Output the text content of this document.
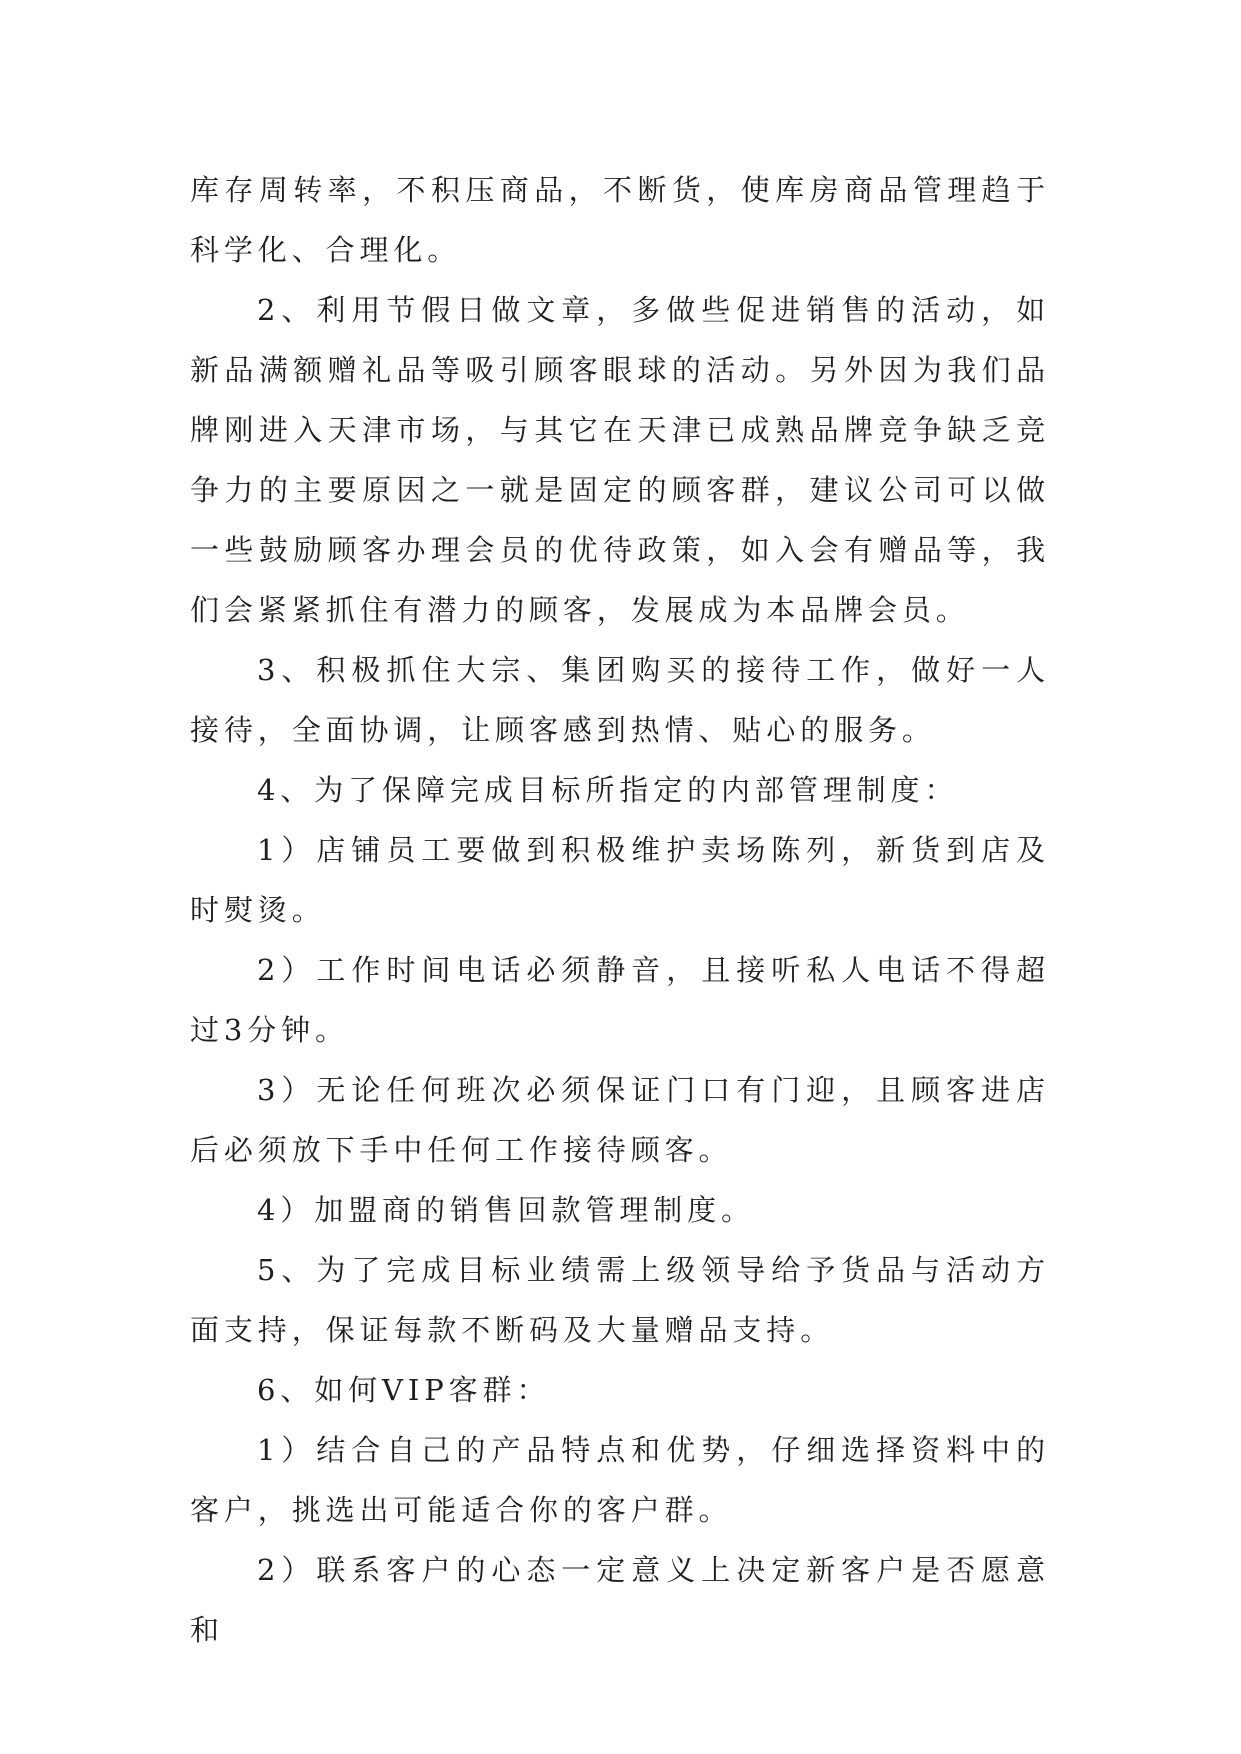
库存周转率，不积压商品，不断货，使库房商品管理趋于科学化、合理化。

2、利用节假日做文章，多做些促进销售的活动，如新品满额赠礼品等吸引顾客眼球的活动。另外因为我们品牌刚进入天津市场，与其它在天津已成熟品牌竞争缺乏竞争力的主要原因之一就是固定的顾客群，建议公司可以做一些鼓励顾客办理会员的优待政策，如入会有赠品等，我们会紧紧抓住有潜力的顾客，发展成为本品牌会员。

3、积极抓住大宗、集团购买的接待工作，做好一人接待，全面协调，让顾客感到热情、贴心的服务。

4、为了保障完成目标所指定的内部管理制度：

1）店铺员工要做到积极维护卖场陈列，新货到店及时熨烫。

2）工作时间电话必须静音，且接听私人电话不得超过3分钟。

3）无论任何班次必须保证门口有门迎，且顾客进店后必须放下手中任何工作接待顾客。

4）加盟商的销售回款管理制度。

5、为了完成目标业绩需上级领导给予货品与活动方面支持，保证每款不断码及大量赠品支持。

6、如何VIP客群：

1）结合自己的产品特点和优势，仔细选择资料中的客户，挑选出可能适合你的客户群。

2）联系客户的心态一定意义上决定新客户是否愿意和
